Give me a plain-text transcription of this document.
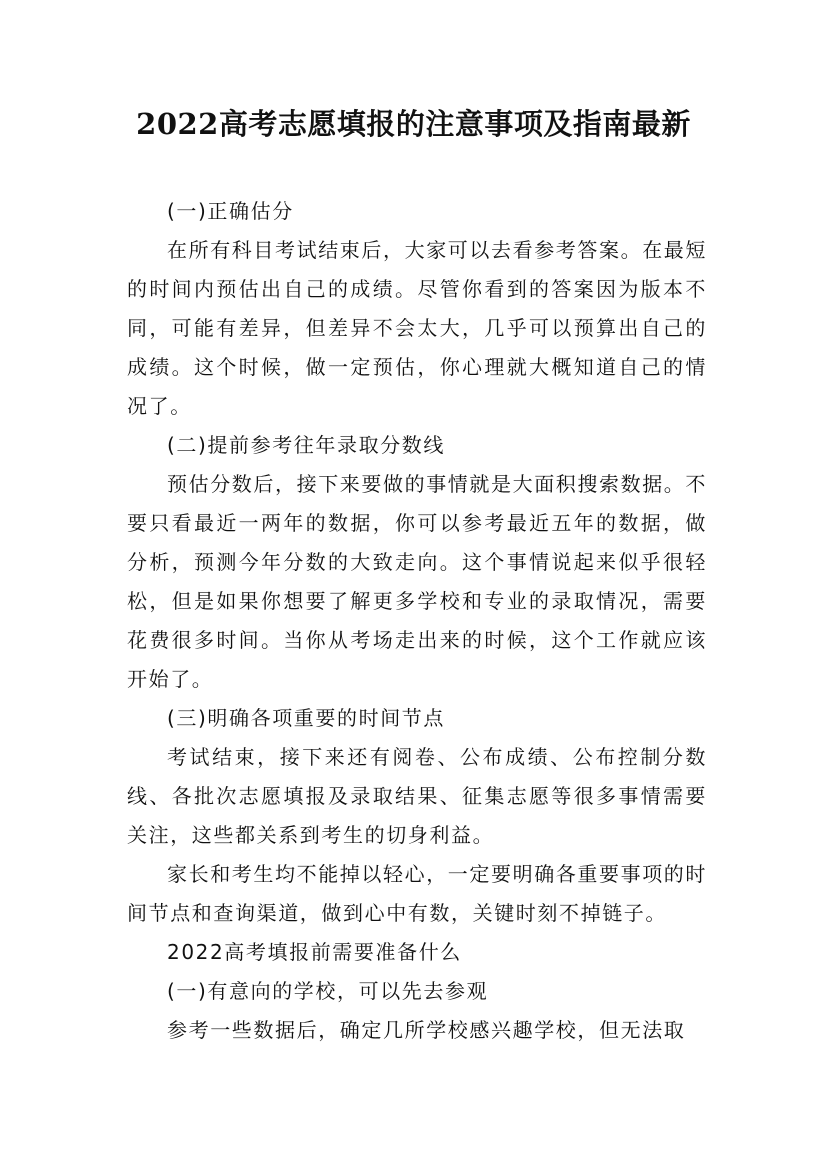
2022高考志愿填报的注意事项及指南最新

(一)正确估分

在所有科目考试结束后，大家可以去看参考答案。在最短的时间内预估出自己的成绩。尽管你看到的答案因为版本不同，可能有差异，但差异不会太大，几乎可以预算出自己的成绩。这个时候，做一定预估，你心理就大概知道自己的情况了。

(二)提前参考往年录取分数线

预估分数后，接下来要做的事情就是大面积搜索数据。不要只看最近一两年的数据，你可以参考最近五年的数据，做分析，预测今年分数的大致走向。这个事情说起来似乎很轻松，但是如果你想要了解更多学校和专业的录取情况，需要花费很多时间。当你从考场走出来的时候，这个工作就应该开始了。

(三)明确各项重要的时间节点

考试结束，接下来还有阅卷、公布成绩、公布控制分数线、各批次志愿填报及录取结果、征集志愿等很多事情需要关注，这些都关系到考生的切身利益。

家长和考生均不能掉以轻心，一定要明确各重要事项的时间节点和查询渠道，做到心中有数，关键时刻不掉链子。

2022高考填报前需要准备什么

(一)有意向的学校，可以先去参观

参考一些数据后，确定几所学校感兴趣学校，但无法取
